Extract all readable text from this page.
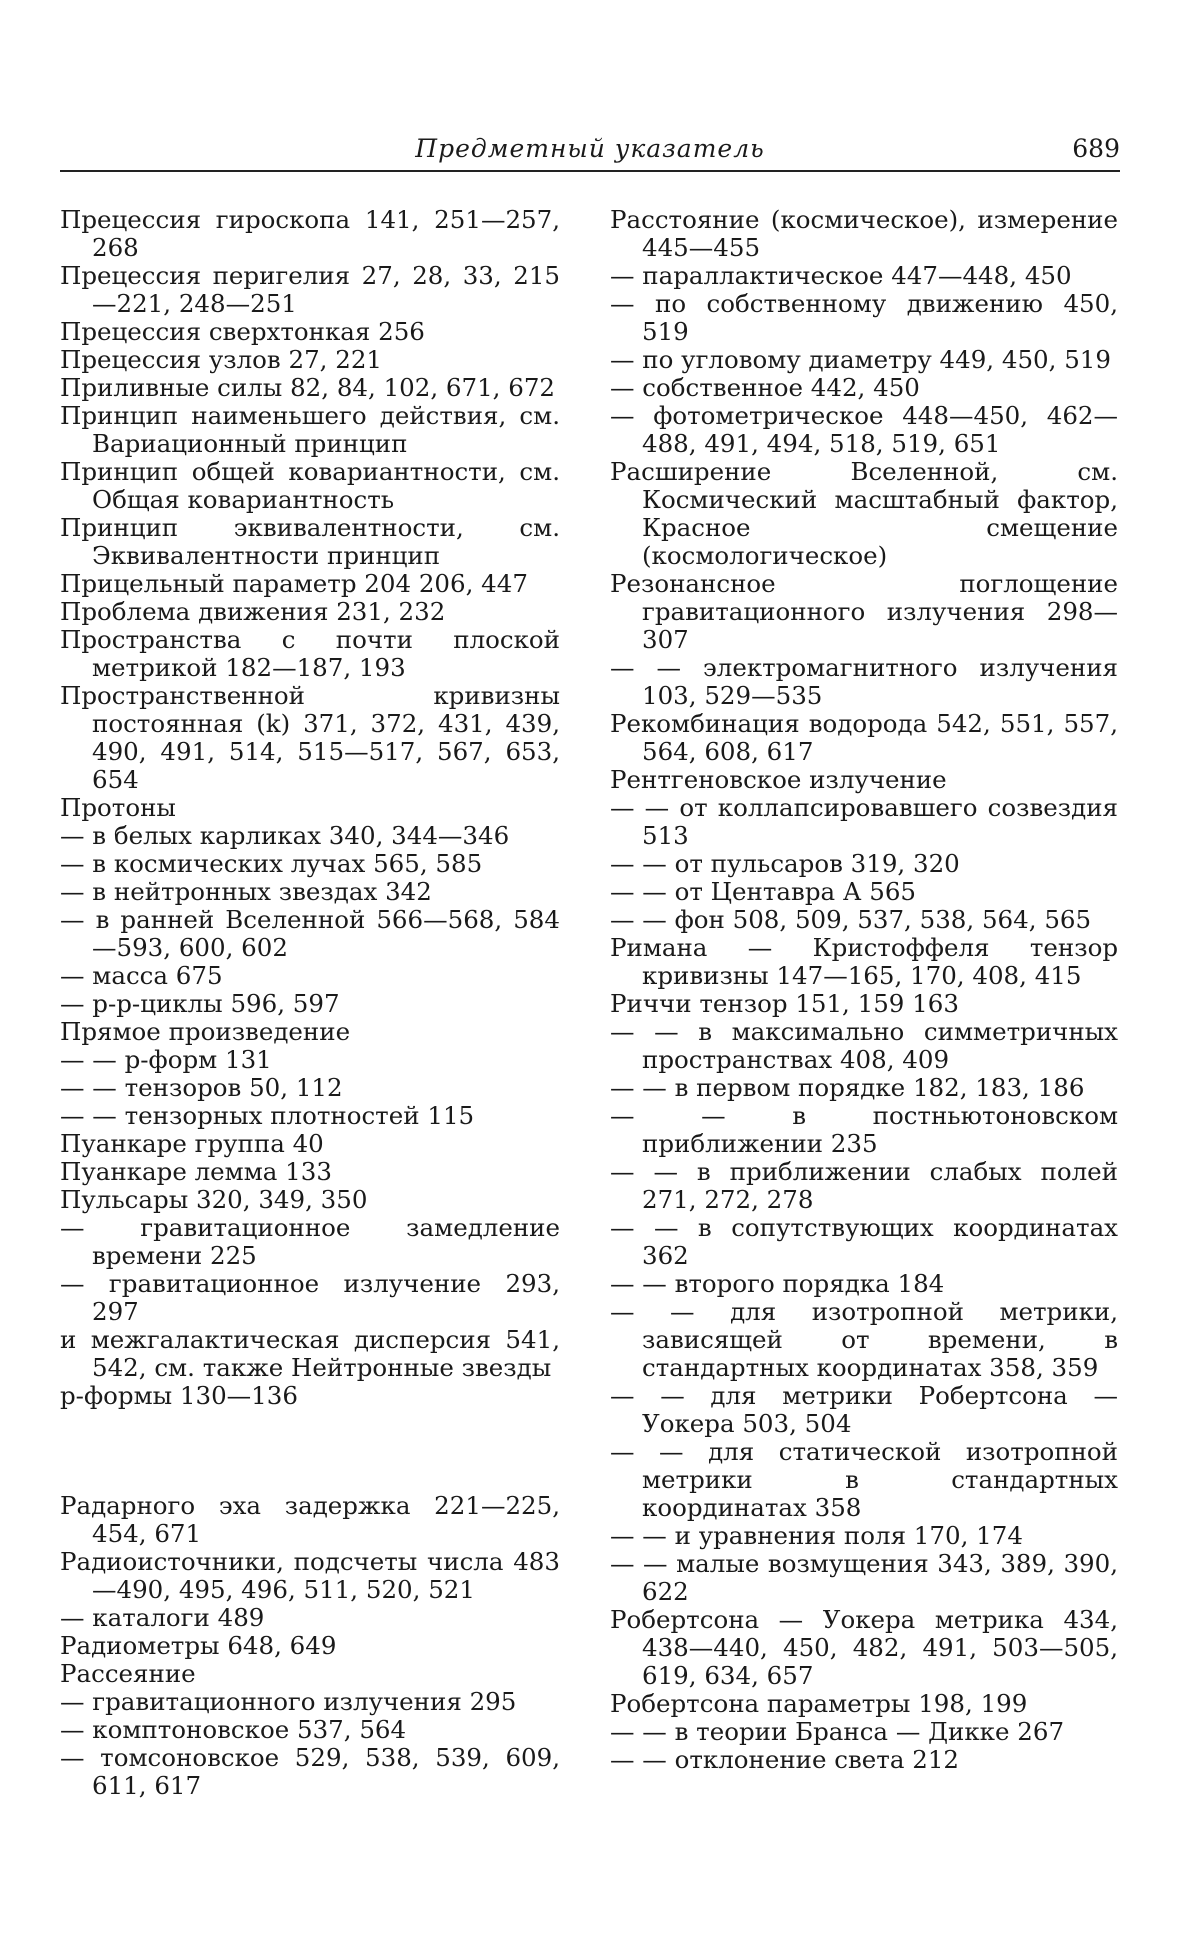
Предметный указатель	689
Прецессия гироскопа 141, 251—257, 268
Прецессия перигелия 27, 28, 33, 215—221, 248—251
Прецессия сверхтонкая 256
Прецессия узлов 27, 221
Приливные силы 82, 84, 102, 671, 672
Принцип наименьшего действия, см. Вариационный принцип
Принцип общей ковариантности, см. Общая ковариантность
Принцип эквивалентности, см. Эквивалентности принцип
Прицельный параметр 204 206, 447
Проблема движения 231, 232
Пространства с почти плоской метрикой 182—187, 193
Пространственной кривизны постоянная (k) 371, 372, 431, 439, 490, 491, 514, 515—517, 567, 653, 654
Протоны
— в белых карликах 340, 344—346
— в космических лучах 565, 585
— в нейтронных звездах 342
— в ранней Вселенной 566—568, 584—593, 600, 602
— масса 675
— p-p-циклы 596, 597
Прямое произведение
— — p-форм 131
— — тензоров 50, 112
— — тензорных плотностей 115
Пуанкаре группа 40
Пуанкаре лемма 133
Пульсары 320, 349, 350
— гравитационное замедление времени 225
— гравитационное излучение 293, 297
и межгалактическая дисперсия 541, 542, см. также Нейтронные звезды
p-формы 130—136
Радарного эха задержка 221—225, 454, 671
Радиоисточники, подсчеты числа 483—490, 495, 496, 511, 520, 521
— каталоги 489
Радиометры 648, 649
Рассеяние
— гравитационного излучения 295
— комптоновское 537, 564
— томсоновское 529, 538, 539, 609, 611, 617
Расстояние (космическое), измерение 445—455
— параллактическое 447—448, 450
— по собственному движению 450, 519
— по угловому диаметру 449, 450, 519
— собственное 442, 450
— фотометрическое 448—450, 462—488, 491, 494, 518, 519, 651
Расширение Вселенной, см. Космический масштабный фактор, Красное смещение (космологическое)
Резонансное поглощение гравитационного излучения 298—307
— — электромагнитного излучения 103, 529—535
Рекомбинация водорода 542, 551, 557, 564, 608, 617
Рентгеновское излучение
— — от коллапсировавшего созвездия 513
— — от пульсаров 319, 320
— — от Центавра А 565
— — фон 508, 509, 537, 538, 564, 565
Римана — Кристоффеля тензор кривизны 147—165, 170, 408, 415
Риччи тензор 151, 159 163
— — в максимально симметричных пространствах 408, 409
— — в первом порядке 182, 183, 186
— — в постньютоновском приближении 235
— — в приближении слабых полей 271, 272, 278
— — в сопутствующих координатах 362
— — второго порядка 184
— — для изотропной метрики, зависящей от времени, в стандартных координатах 358, 359
— — для метрики Робертсона — Уокера 503, 504
— — для статической изотропной метрики в стандартных координатах 358
— — и уравнения поля 170, 174
— — малые возмущения 343, 389, 390, 622
Робертсона — Уокера метрика 434, 438—440, 450, 482, 491, 503—505, 619, 634, 657
Робертсона параметры 198, 199
— — в теории Бранса — Дикке 267
— — отклонение света 212
